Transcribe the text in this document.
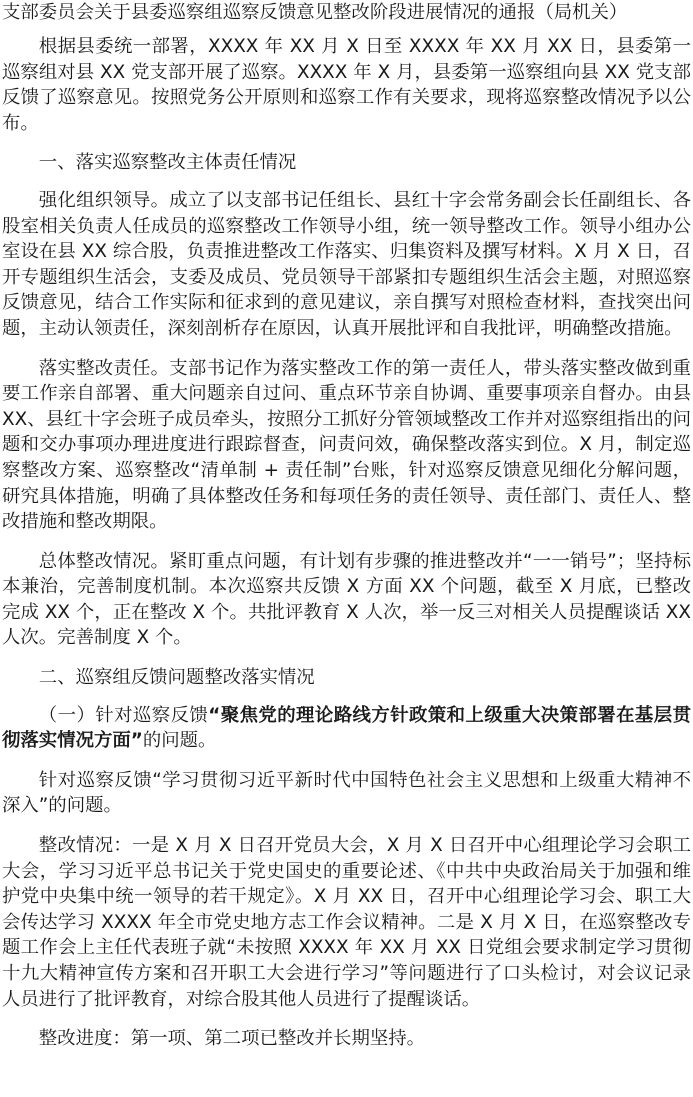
支部委员会关于县委巡察组巡察反馈意见整改阶段进展情况的通报（局机关）

根据县委统一部署，XXXX 年 XX 月 X 日至 XXXX 年 XX 月 XX 日，县委第一巡察组对县 XX 党支部开展了巡察。XXXX 年 X 月，县委第一巡察组向县 XX 党支部反馈了巡察意见。按照党务公开原则和巡察工作有关要求，现将巡察整改情况予以公布。

一、落实巡察整改主体责任情况

强化组织领导。成立了以支部书记任组长、县红十字会常务副会长任副组长、各股室相关负责人任成员的巡察整改工作领导小组，统一领导整改工作。领导小组办公室设在县 XX 综合股，负责推进整改工作落实、归集资料及撰写材料。X 月 X 日，召开专题组织生活会，支委及成员、党员领导干部紧扣专题组织生活会主题，对照巡察反馈意见，结合工作实际和征求到的意见建议，亲自撰写对照检查材料，查找突出问题，主动认领责任，深刻剖析存在原因，认真开展批评和自我批评，明确整改措施。

落实整改责任。支部书记作为落实整改工作的第一责任人，带头落实整改做到重要工作亲自部署、重大问题亲自过问、重点环节亲自协调、重要事项亲自督办。由县 XX、县红十字会班子成员牵头，按照分工抓好分管领域整改工作并对巡察组指出的问题和交办事项办理进度进行跟踪督查，问责问效，确保整改落实到位。X 月，制定巡察整改方案、巡察整改“清单制 + 责任制”台账，针对巡察反馈意见细化分解问题，研究具体措施，明确了具体整改任务和每项任务的责任领导、责任部门、责任人、整改措施和整改期限。

总体整改情况。紧盯重点问题，有计划有步骤的推进整改并“一一销号”；坚持标本兼治，完善制度机制。本次巡察共反馈 X 方面 XX 个问题，截至 X 月底，已整改完成 XX 个，正在整改 X 个。共批评教育 X 人次，举一反三对相关人员提醒谈话 XX 人次。完善制度 X 个。

二、巡察组反馈问题整改落实情况

（一）针对巡察反馈“聚焦党的理论路线方针政策和上级重大决策部署在基层贯彻落实情况方面”的问题。

针对巡察反馈“学习贯彻习近平新时代中国特色社会主义思想和上级重大精神不深入”的问题。

整改情况：一是 X 月 X 日召开党员大会，X 月 X 日召开中心组理论学习会职工大会，学习习近平总书记关于党史国史的重要论述、《中共中央政治局关于加强和维护党中央集中统一领导的若干规定》。X 月 XX 日，召开中心组理论学习会、职工大会传达学习 XXXX 年全市党史地方志工作会议精神。二是 X 月 X 日，在巡察整改专题工作会上主任代表班子就“未按照 XXXX 年 XX 月 XX 日党组会要求制定学习贯彻十九大精神宣传方案和召开职工大会进行学习”等问题进行了口头检讨，对会议记录人员进行了批评教育，对综合股其他人员进行了提醒谈话。

整改进度：第一项、第二项已整改并长期坚持。
